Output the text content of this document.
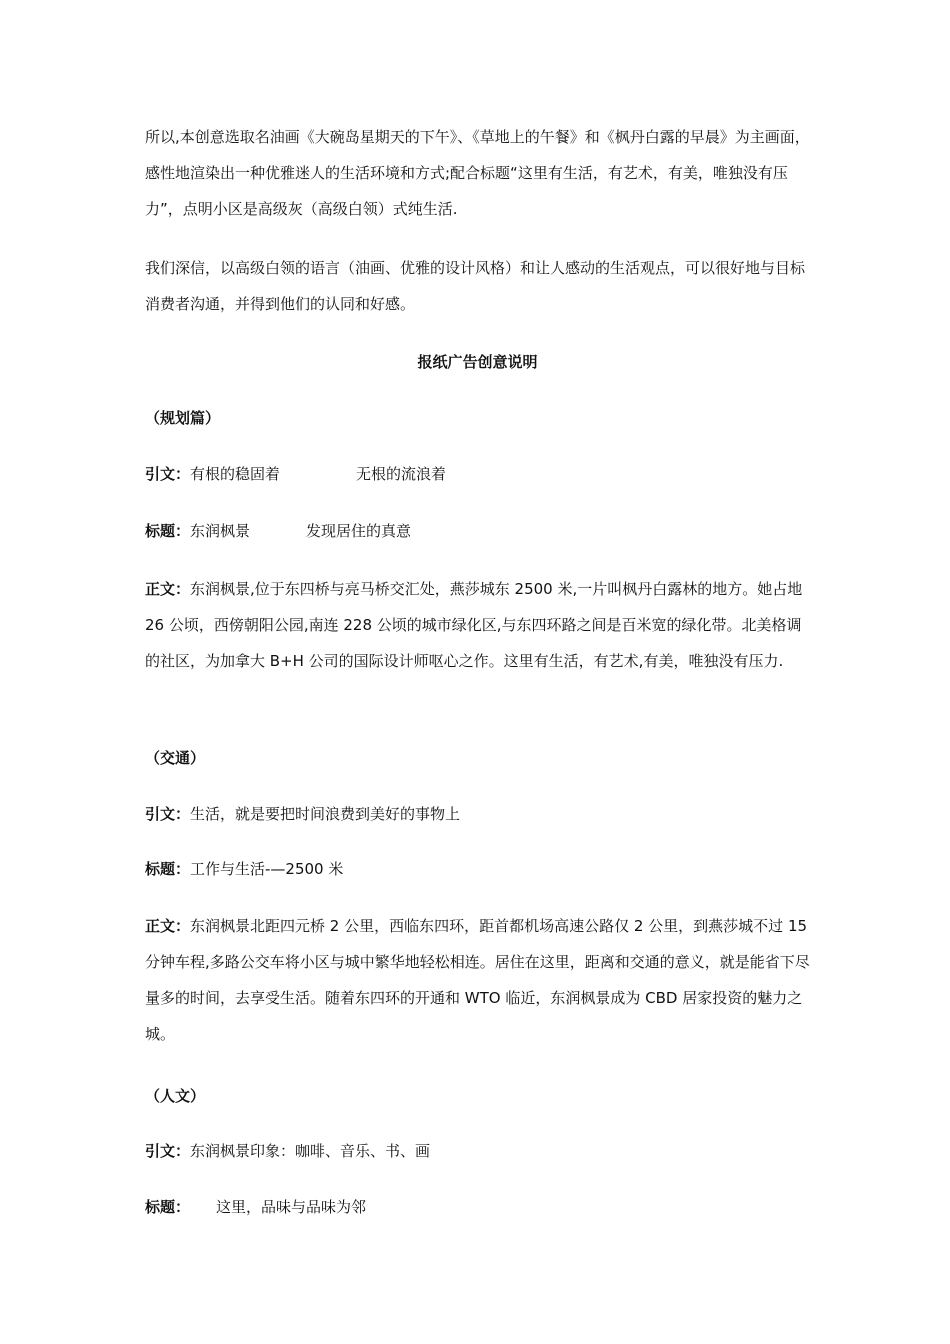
所以,本创意选取名油画《大碗岛星期天的下午》、《草地上的午餐》和《枫丹白露的早晨》为主画面，感性地渲染出一种优雅迷人的生活环境和方式;配合标题“这里有生活，有艺术，有美，唯独没有压力”，点明小区是高级灰（高级白领）式纯生活.

我们深信，以高级白领的语言（油画、优雅的设计风格）和让人感动的生活观点，可以很好地与目标消费者沟通，并得到他们的认同和好感。

报纸广告创意说明
（规划篇）
引文：有根的稳固着	无根的流浪着
标题：东润枫景	发现居住的真意

正文：东润枫景,位于东四桥与亮马桥交汇处，燕莎城东 2500 米,一片叫枫丹白露林的地方。她占地 26 公顷，西傍朝阳公园,南连 228 公顷的城市绿化区,与东四环路之间是百米宽的绿化带。北美格调的社区，为加拿大 B+H 公司的国际设计师呕心之作。这里有生活，有艺术,有美，唯独没有压力.

（交通）
引文：生活，就是要把时间浪费到美好的事物上
标题：工作与生活-—2500 米

正文：东润枫景北距四元桥 2 公里，西临东四环，距首都机场高速公路仅 2 公里，到燕莎城不过 15 分钟车程,多路公交车将小区与城中繁华地轻松相连。居住在这里，距离和交通的意义，就是能省下尽量多的时间，去享受生活。随着东四环的开通和 WTO 临近，东润枫景成为 CBD 居家投资的魅力之城。

（人文）
引文：东润枫景印象：咖啡、音乐、书、画
标题： 这里，品味与品味为邻
